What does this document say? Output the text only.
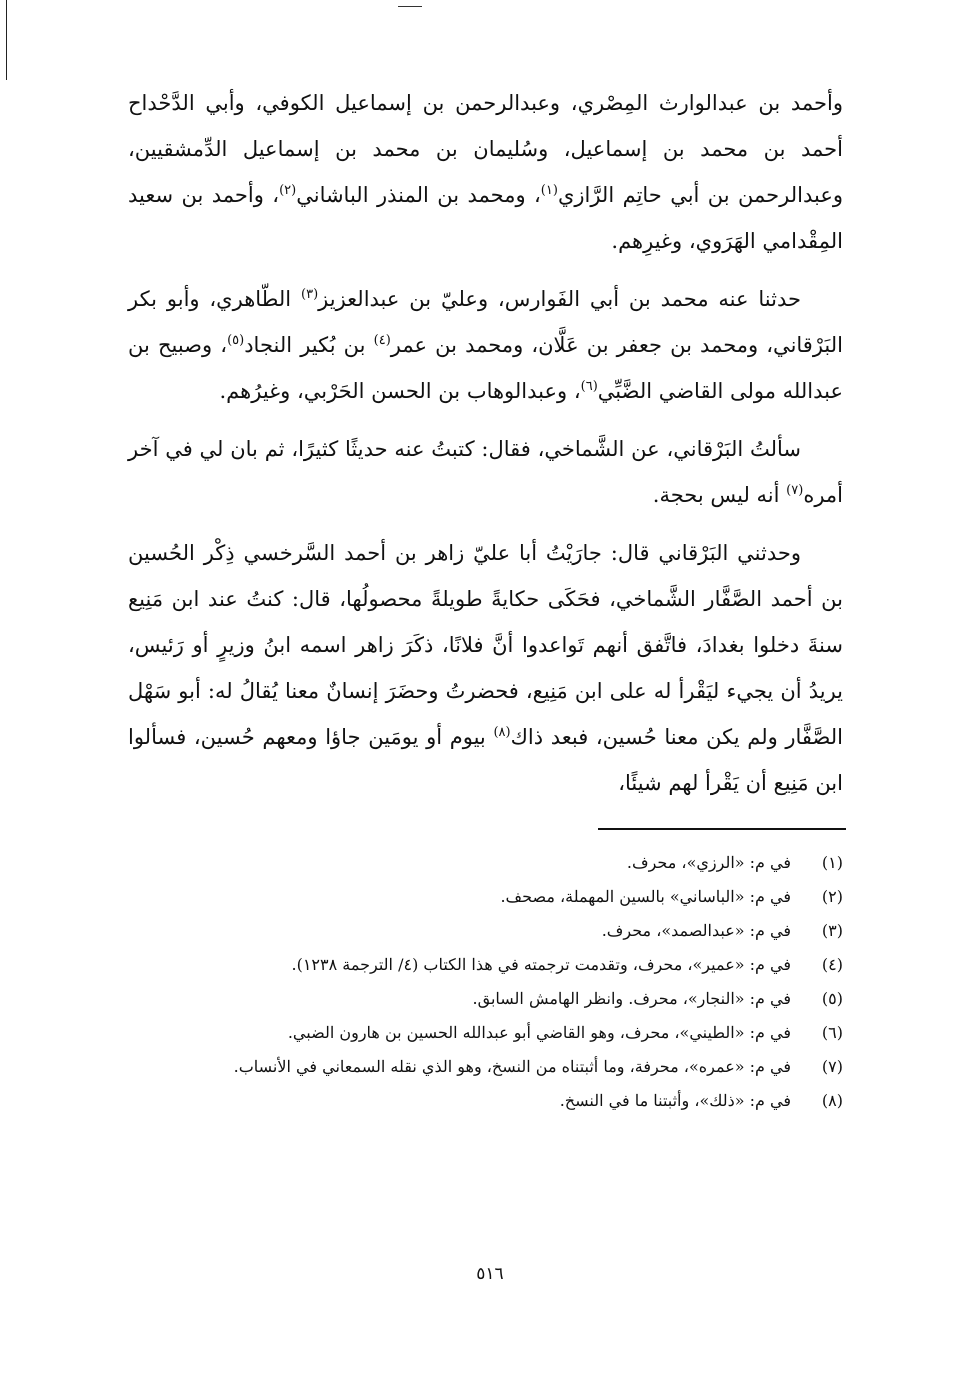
وأحمد بن عبدالوارث المِصْري، وعبدالرحمن بن إسماعيل الكوفي، وأبي الدَّحْداح أحمد بن محمد بن إسماعيل، وسُليمان بن محمد بن إسماعيل الدِّمشقيين، وعبدالرحمن بن أبي حاتِم الرَّازي$^{(١)}$، ومحمد بن المنذر الباشاني$^{(٢)}$، وأحمد بن سعيد المِقْدامي الهَرَوي، وغيرِهم.

حدثنا عنه محمد بن أبي الفَوارس، وعليّ بن عبدالعزيز$^{(٣)}$ الطّاهري، وأبو بكر البَرْقاني، ومحمد بن جعفر بن عَلَّان، ومحمد بن عمر$^{(٤)}$ بن بُكير النجاد$^{(٥)}$، وصبيح بن عبدالله مولى القاضي الضَّبِّي$^{(٦)}$، وعبدالوهاب بن الحسن الحَرْبي، وغيرُهم.

سألتُ البَرْقاني، عن الشَّماخي، فقال: كتبتُ عنه حديثًا كثيرًا، ثم بان لي في آخر أمره$^{(٧)}$ أنه ليس بحجة.

وحدثني البَرْقاني قال: جارَيْتُ أبا عليّ زاهر بن أحمد السَّرخسي ذِكْر الحُسين بن أحمد الصَّفَّار الشَّماخي، فحَكَى حكايةً طويلةً محصولُها، قال: كنتُ عند ابن مَنِيع سنةَ دخلوا بغدادَ، فاتَّفق أنهم تَواعدوا أنَّ فلانًا، ذكَرَ زاهر اسمه ابنُ وزيرٍ أو رَئيس، يريدُ أن يجيء ليَقْرأ له على ابن مَنِيع، فحضرتُ وحضَرَ إنسانٌ معنا يُقالُ له: أبو سَهْل الصَّفَّار ولم يكن معنا حُسين، فبعد ذاك$^{(٨)}$ بيوم أو يومَين جاؤا ومعهم حُسين، فسألوا ابن مَنِيع أن يَقْرأ لهم شيئًا،

(١)
في م: «الرزي»، محرف.
(٢)
في م: «الباساني» بالسين المهملة، مصحف.
(٣)
في م: «عبدالصمد»، محرف.
(٤)
في م: «عمير»، محرف، وتقدمت ترجمته في هذا الكتاب (٤/ الترجمة ١٢٣٨).
(٥)
في م: «النجار»، محرف. وانظر الهامش السابق.
(٦)
في م: «الطيني»، محرف، وهو القاضي أبو عبدالله الحسين بن هارون الضبي.
(٧)
في م: «عمره»، محرفة، وما أثبتناه من النسخ، وهو الذي نقله السمعاني في الأنساب.
(٨)
في م: «ذلك»، وأثبتنا ما في النسخ.
٥١٦
